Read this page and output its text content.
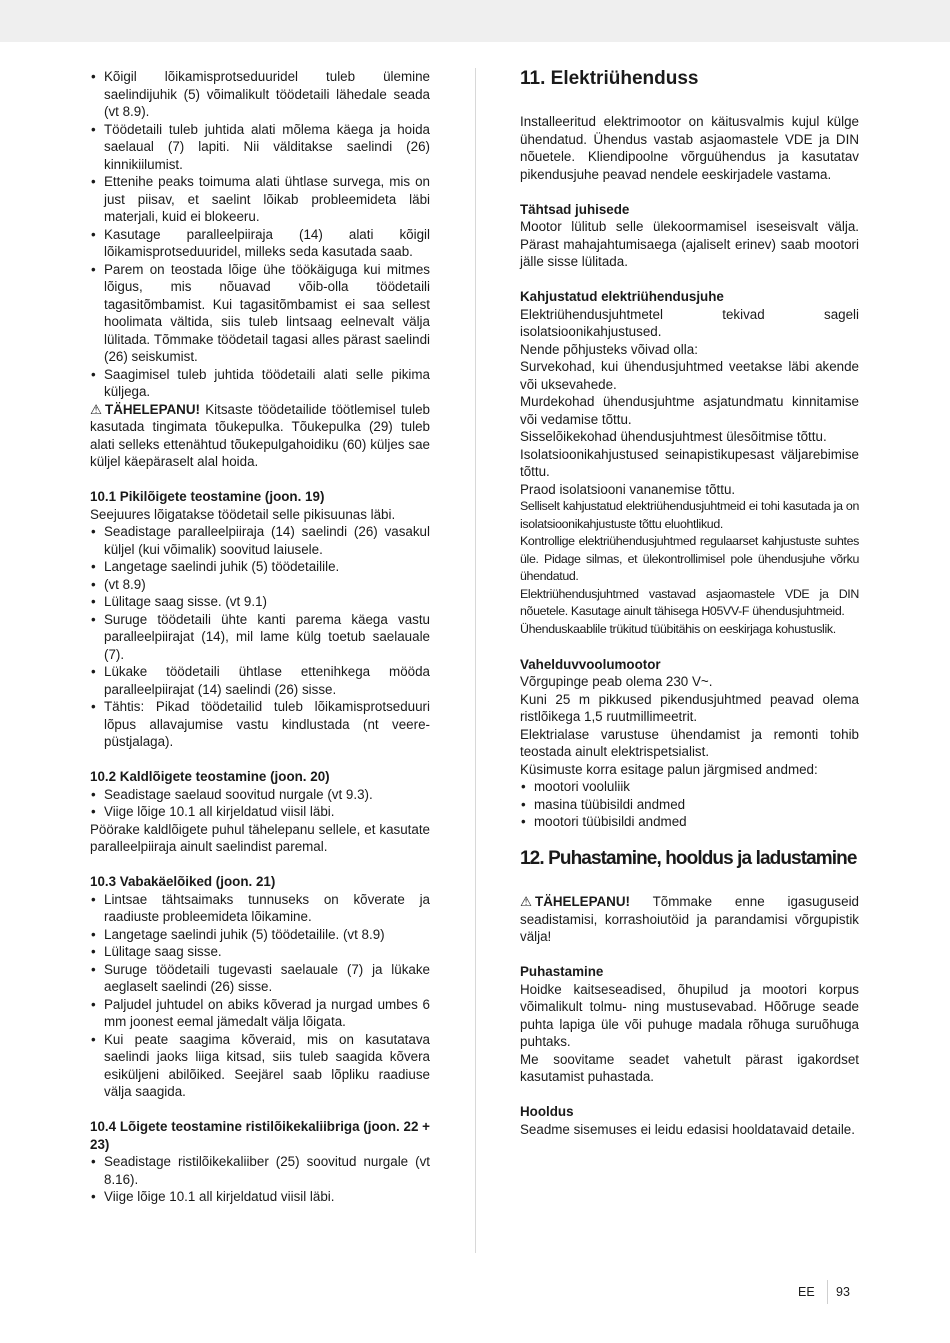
• Kõigil lõikamisprotseduuridel tuleb ülemine saelindijuhik (5) võimalikult töödetaili lähedale seada (vt 8.9).
• Töödetaili tuleb juhtida alati mõlema käega ja hoida saelaual (7) lapiti. Nii välditakse saelindi (26) kinnikiilumist.
• Ettenihe peaks toimuma alati ühtlase survega, mis on just piisav, et saelint lõikab probleemideta läbi materjali, kuid ei blokeeru.
• Kasutage paralleelpiiraja (14) alati kõigil lõikamisprotseduuridel, milleks seda kasutada saab.
• Parem on teostada lõige ühe töökäiguga kui mitmes lõigus, mis nõuavad võib-olla töödetaili tagasitõmbamist. Kui tagasitõmbamist ei saa sellest hoolimata vältida, siis tuleb lintsaag eelnevalt välja lülitada. Tõmmake töödetail tagasi alles pärast saelindi (26) seiskumist.
• Saagimisel tuleb juhtida töödetaili alati selle pikima küljega.

⚠ TÄHELEPANU! Kitsaste töödetailide töötlemisel tuleb kasutada tingimata tõukepulka. Tõukepulka (29) tuleb alati selleks ettenähtud tõukepulgahoidiku (60) küljes sae küljel käepäraselt alal hoida.

10.1 Pikilõigete teostamine (joon. 19)

Seejuures lõigatakse töödetail selle pikisuunas läbi.

• Seadistage paralleelpiiraja (14) saelindi (26) vasakul küljel (kui võimalik) soovitud laiusele.
• Langetage saelindi juhik (5) töödetailile.
• (vt 8.9)
• Lülitage saag sisse. (vt 9.1)
• Suruge töödetaili ühte kanti parema käega vastu paralleelpiirajat (14), mil lame külg toetub saelauale (7).
• Lükake töödetaili ühtlase ettenihkega mööda paralleelpiirajat (14) saelindi (26) sisse.
• Tähtis: Pikad töödetailid tuleb lõikamisprotseduuri lõpus allavajumise vastu kindlustada (nt veere-püstjalaga).

10.2 Kaldlõigete teostamine (joon. 20)

• Seadistage saelaud soovitud nurgale (vt 9.3).
• Viige lõige 10.1 all kirjeldatud viisil läbi.

Pöörake kaldlõigete puhul tähelepanu sellele, et kasutate paralleelpiiraja ainult saelindist paremal.

10.3 Vabakäelõiked (joon. 21)

• Lintsae tähtsaimaks tunnuseks on kõverate ja raadiuste probleemideta lõikamine.
• Langetage saelindi juhik (5) töödetailile. (vt 8.9)
• Lülitage saag sisse.
• Suruge töödetaili tugevasti saelauale (7) ja lükake aeglaselt saelindi (26) sisse.
• Paljudel juhtudel on abiks kõverad ja nurgad umbes 6 mm joonest eemal jämedalt välja lõigata.
• Kui peate saagima kõveraid, mis on kasutatava saelindi jaoks liiga kitsad, siis tuleb saagida kõvera esiküljeni abilõiked. Seejärel saab lõpliku raadiuse välja saagida.

10.4 Lõigete teostamine ristilõikekaliibriga (joon. 22 + 23)

• Seadistage ristilõikekaliiber (25) soovitud nurgale (vt 8.16).
• Viige lõige 10.1 all kirjeldatud viisil läbi.
11. Elektriühenduss

Installeeritud elektrimootor on käitusvalmis kujul külge ühendatud. Ühendus vastab asjaomastele VDE ja DIN nõuetele. Kliendipoolne võrguühendus ja kasutatav pikendusjuhe peavad nendele eeskirjadele vastama.

Tähtsad juhisede

Mootor lülitub selle ülekoormamisel iseseisvalt välja. Pärast mahajahtumisaega (ajaliselt erinev) saab mootori jälle sisse lülitada.

Kahjustatud elektriühendusjuhe

Elektriühendusjuhtmetel tekivad sageli isolatsioonikahjustused.

Nende põhjusteks võivad olla:

Survekohad, kui ühendusjuhtmed veetakse läbi akende või uksevahede.

Murdekohad ühendusjuhtme asjatundmatu kinnitamise või vedamise tõttu.

Sisselõikekohad ühendusjuhtmest ülesõitmise tõttu.

Isolatsioonikahjustused seinapistikupesast väljarebimise tõttu.

Praod isolatsiooni vananemise tõttu.

Selliselt kahjustatud elektriühendusjuhtmeid ei tohi kasutada ja on isolatsioonikahjustuste tõttu eluohtlikud.

Kontrollige elektriühendusjuhtmed regulaarset kahjustuste suhtes üle. Pidage silmas, et ülekontrollimisel pole ühendusjuhe võrku ühendatud.

Elektriühendusjuhtmed vastavad asjaomastele VDE ja DIN nõuetele. Kasutage ainult tähisega H05VV-F ühendusjuhtmeid.

Ühenduskaablile trükitud tüübitähis on eeskirjaga kohustuslik.

Vahelduvvoolumootor

Võrgupinge peab olema 230 V~.

Kuni 25 m pikkused pikendusjuhtmed peavad olema ristlõikega 1,5 ruutmillimeetrit.

Elektrialase varustuse ühendamist ja remonti tohib teostada ainult elektrispetsialist.

Küsimuste korra esitage palun järgmised andmed:

• mootori vooluliik
• masina tüübisildi andmed
• mootori tüübisildi andmed
12. Puhastamine, hooldus ja ladustamine

⚠ TÄHELEPANU! Tõmmake enne igasuguseid seadistamisi, korrashoiutöid ja parandamisi võrgupistik välja!

Puhastamine

Hoidke kaitseseadised, õhupilud ja mootori korpus võimalikult tolmu- ning mustusevabad. Hõõruge seade puhta lapiga üle või puhuge madala rõhuga suruõhuga puhtaks.

Me soovitame seadet vahetult pärast igakordset kasutamist puhastada.

Hooldus

Seadme sisemuses ei leidu edasisi hooldatavaid detaile.

EE 93
